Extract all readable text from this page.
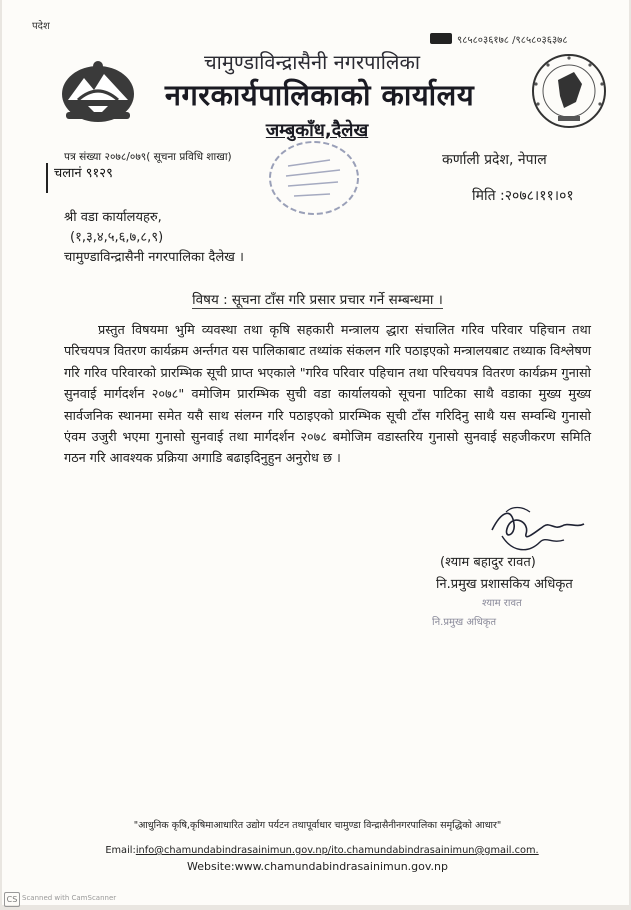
पदेश
९८५८०३६१७८ /९८५८०३६३७८
चामुण्डाविन्द्रासैनी नगरपालिका
नगरकार्यपालिकाको कार्यालय
जम्बुकाँध,दैलेख
पत्र संख्या २०७८/०७९( सूचना प्रविधि शाखा)
चलानं ९१२९
कर्णाली प्रदेश, नेपाल
मिति :२०७८।११।०१
श्री वडा कार्यालयहरु,
(१,३,४,५,६,७,८,९)
चामुण्डाविन्द्रासैनी नगरपालिका दैलेख ।
विषय : सूचना टाँस गरि प्रसार प्रचार गर्ने सम्बन्धमा ।

प्रस्तुत विषयमा भुमि व्यवस्था तथा कृषि सहकारी मन्त्रालय द्धारा संचालित गरिव परिवार पहिचान तथा परिचयपत्र वितरण कार्यक्रम अर्न्तगत यस पालिकाबाट तथ्यांक संकलन गरि पठाइएको मन्त्रालयबाट तथ्याक विश्लेषण गरि गरिव परिवारको प्रारम्भिक सूची प्राप्त भएकाले "गरिव परिवार पहिचान तथा परिचयपत्र वितरण कार्यक्रम गुनासो सुनवाई मार्गदर्शन २०७८" वमोजिम प्रारम्भिक सुची वडा कार्यालयको सूचना पाटिका साथै वडाका मुख्य मुख्य सार्वजनिक स्थानमा समेत यसै साथ संलग्न गरि पठाइएको प्रारम्भिक सूची टाँस गरिदिनु साथै यस सम्वन्धि गुनासो एंवम उजुरी भएमा गुनासो सुनवाई तथा मार्गदर्शन २०७८ बमोजिम वडास्तरिय गुनासो सुनवाई सहजीकरण समिति गठन गरि आवश्यक प्रक्रिया अगाडि बढाइदिनुहुन अनुरोध छ ।

(श्याम बहादुर रावत)
नि.प्रमुख प्रशासकिय अधिकृत
श्याम रावत
नि.प्रमुख अधिकृत
"आधुनिक कृषि,कृषिमाआधारित उद्योग पर्यटन तथापूर्वाधार चामुण्डा विन्द्रासैनीनगरपालिका समृद्धिको आधार"
Email:info@chamundabindrasainimun.gov.np/ito.chamundabindrasainimun@gmail.com.
Website:www.chamundabindrasainimun.gov.np
CS Scanned with CamScanner
